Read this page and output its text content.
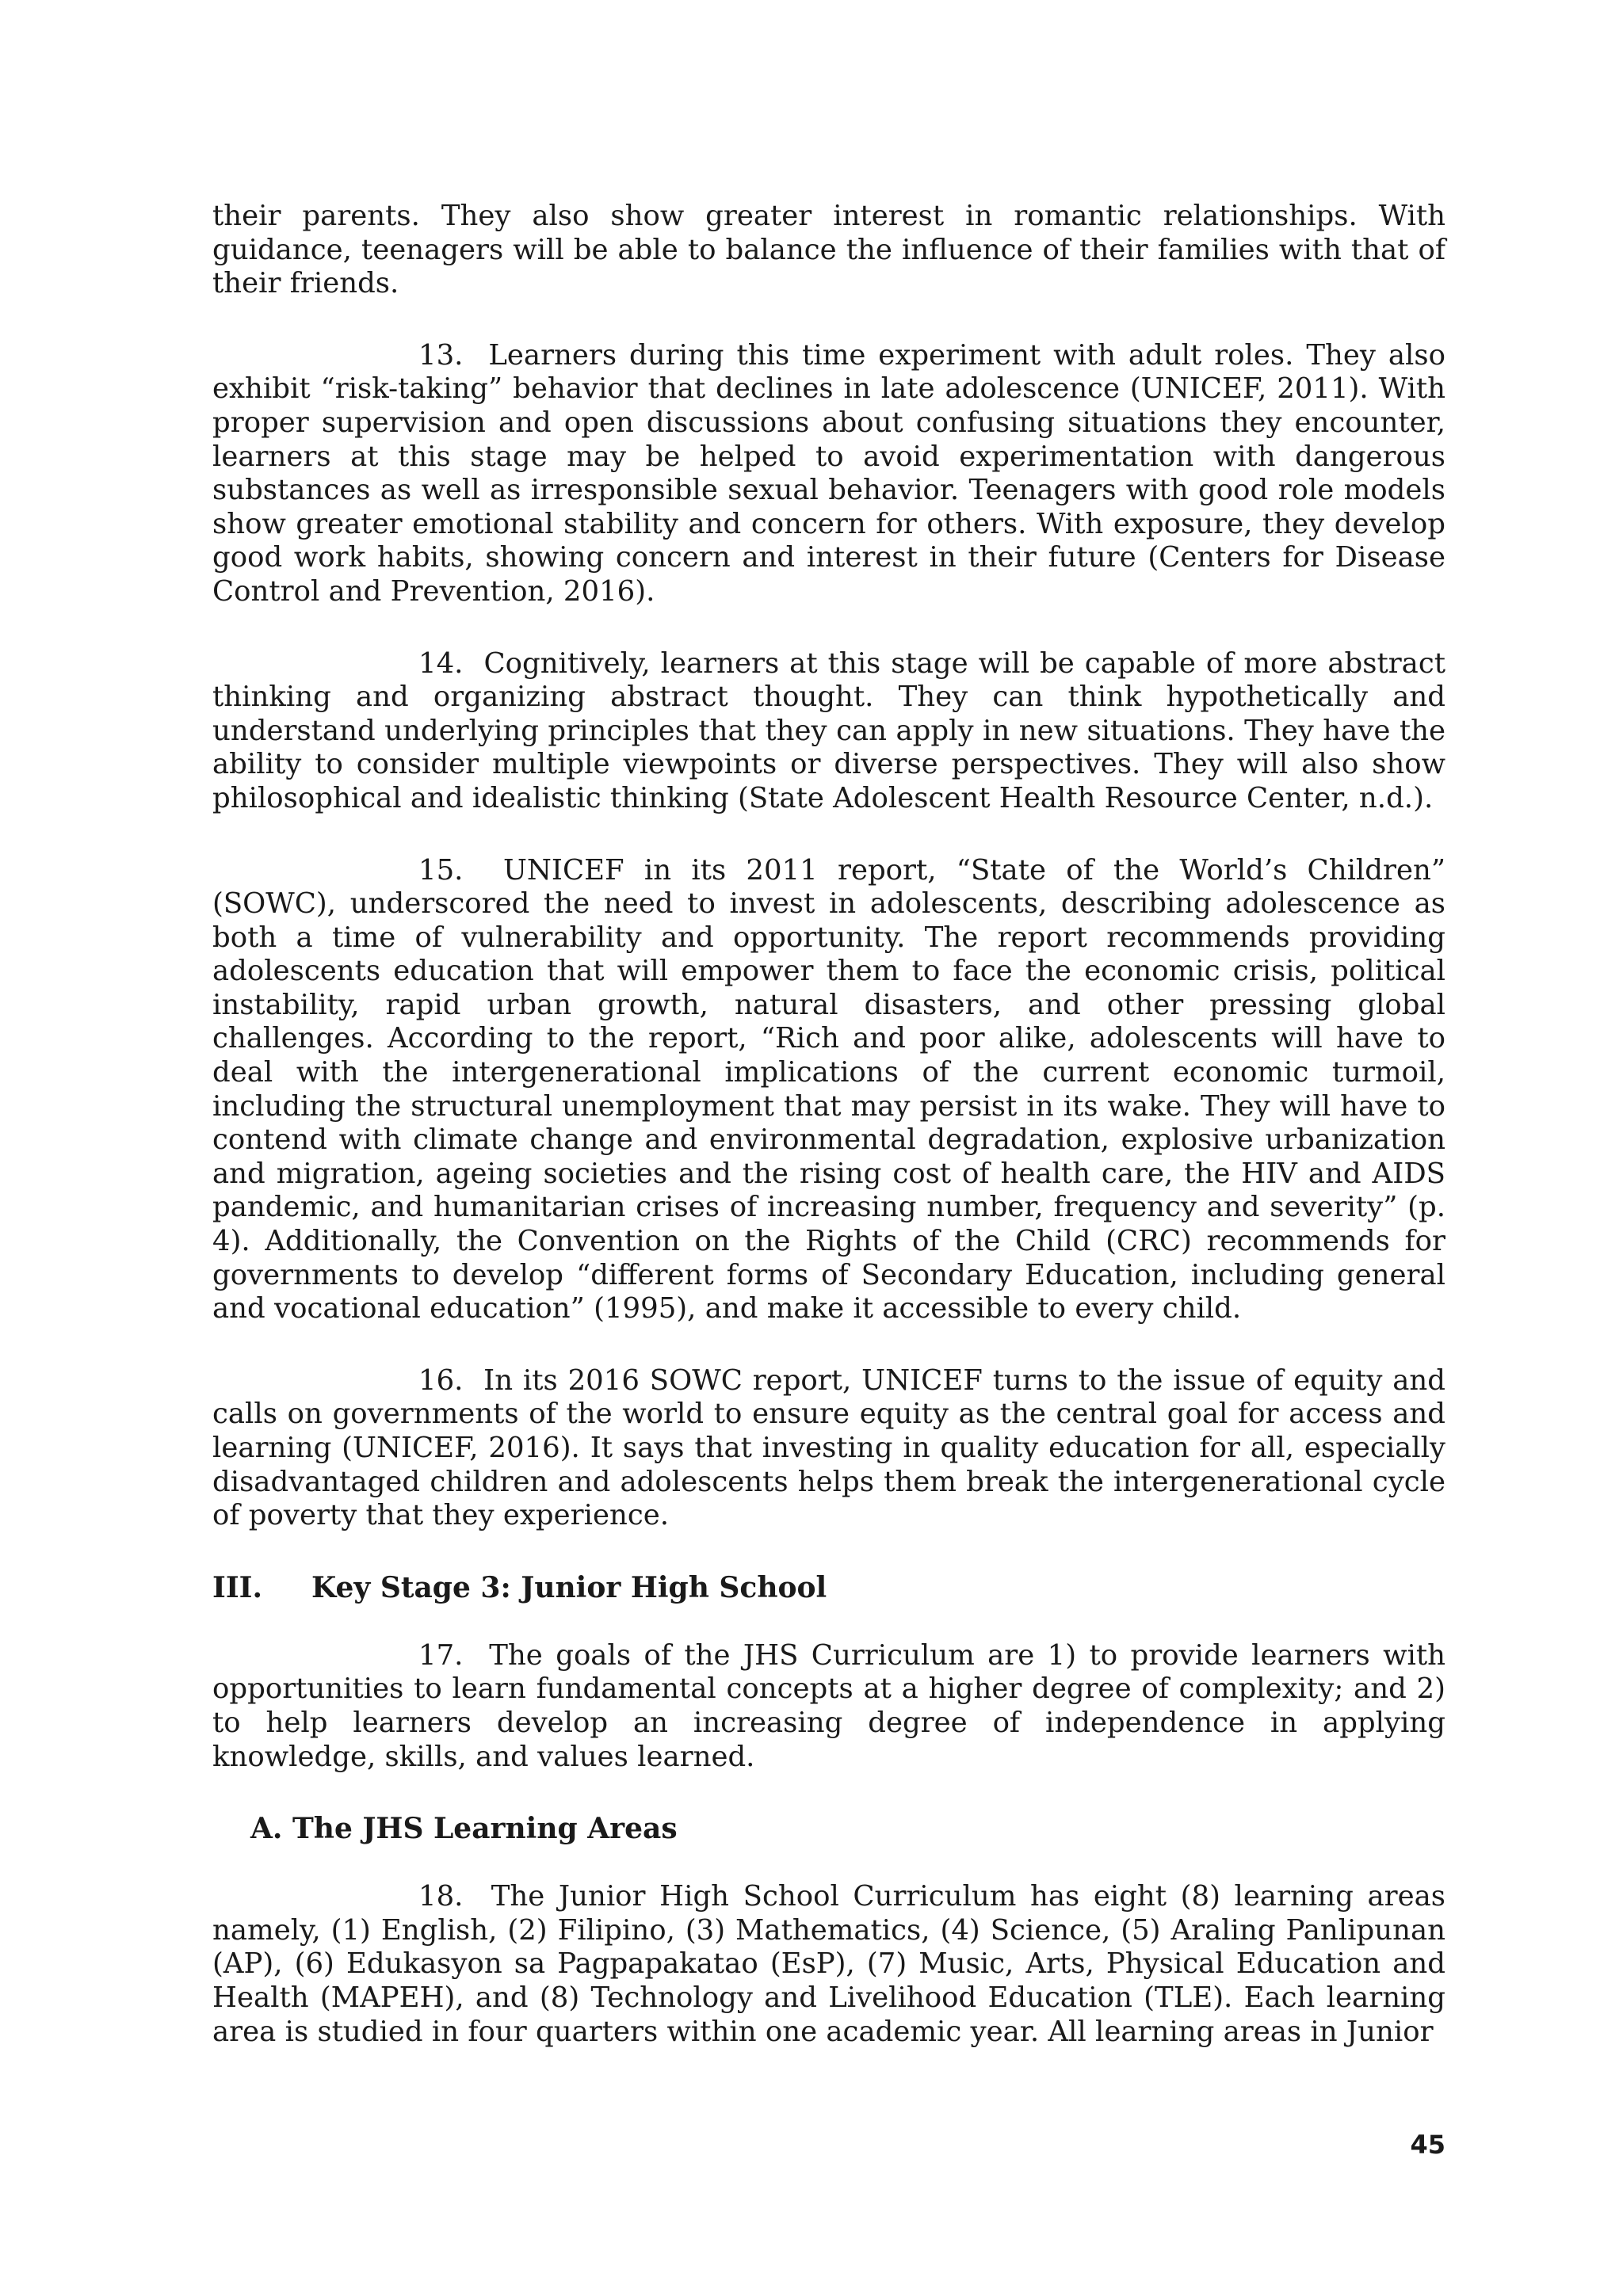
their parents. They also show greater interest in romantic relationships. With guidance, teenagers will be able to balance the influence of their families with that of their friends.

13. Learners during this time experiment with adult roles. They also exhibit “risk-taking” behavior that declines in late adolescence (UNICEF, 2011). With proper supervision and open discussions about confusing situations they encounter, learners at this stage may be helped to avoid experimentation with dangerous substances as well as irresponsible sexual behavior. Teenagers with good role models show greater emotional stability and concern for others. With exposure, they develop good work habits, showing concern and interest in their future (Centers for Disease Control and Prevention, 2016).

14. Cognitively, learners at this stage will be capable of more abstract thinking and organizing abstract thought. They can think hypothetically and understand underlying principles that they can apply in new situations. They have the ability to consider multiple viewpoints or diverse perspectives. They will also show philosophical and idealistic thinking (State Adolescent Health Resource Center, n.d.).

15. UNICEF in its 2011 report, “State of the World’s Children” (SOWC), underscored the need to invest in adolescents, describing adolescence as both a time of vulnerability and opportunity. The report recommends providing adolescents education that will empower them to face the economic crisis, political instability, rapid urban growth, natural disasters, and other pressing global challenges. According to the report, “Rich and poor alike, adolescents will have to deal with the intergenerational implications of the current economic turmoil, including the structural unemployment that may persist in its wake. They will have to contend with climate change and environmental degradation, explosive urbanization and migration, ageing societies and the rising cost of health care, the HIV and AIDS pandemic, and humanitarian crises of increasing number, frequency and severity” (p. 4). Additionally, the Convention on the Rights of the Child (CRC) recommends for governments to develop “different forms of Secondary Education, including general and vocational education” (1995), and make it accessible to every child.

16. In its 2016 SOWC report, UNICEF turns to the issue of equity and calls on governments of the world to ensure equity as the central goal for access and learning (UNICEF, 2016). It says that investing in quality education for all, especially disadvantaged children and adolescents helps them break the intergenerational cycle of poverty that they experience.

III.	Key Stage 3: Junior High School

17. The goals of the JHS Curriculum are 1) to provide learners with opportunities to learn fundamental concepts at a higher degree of complexity; and 2) to help learners develop an increasing degree of independence in applying knowledge, skills, and values learned.

A. The JHS Learning Areas

18. The Junior High School Curriculum has eight (8) learning areas namely, (1) English, (2) Filipino, (3) Mathematics, (4) Science, (5) Araling Panlipunan (AP), (6) Edukasyon sa Pagpapakatao (EsP), (7) Music, Arts, Physical Education and Health (MAPEH), and (8) Technology and Livelihood Education (TLE). Each learning area is studied in four quarters within one academic year. All learning areas in Junior

45
